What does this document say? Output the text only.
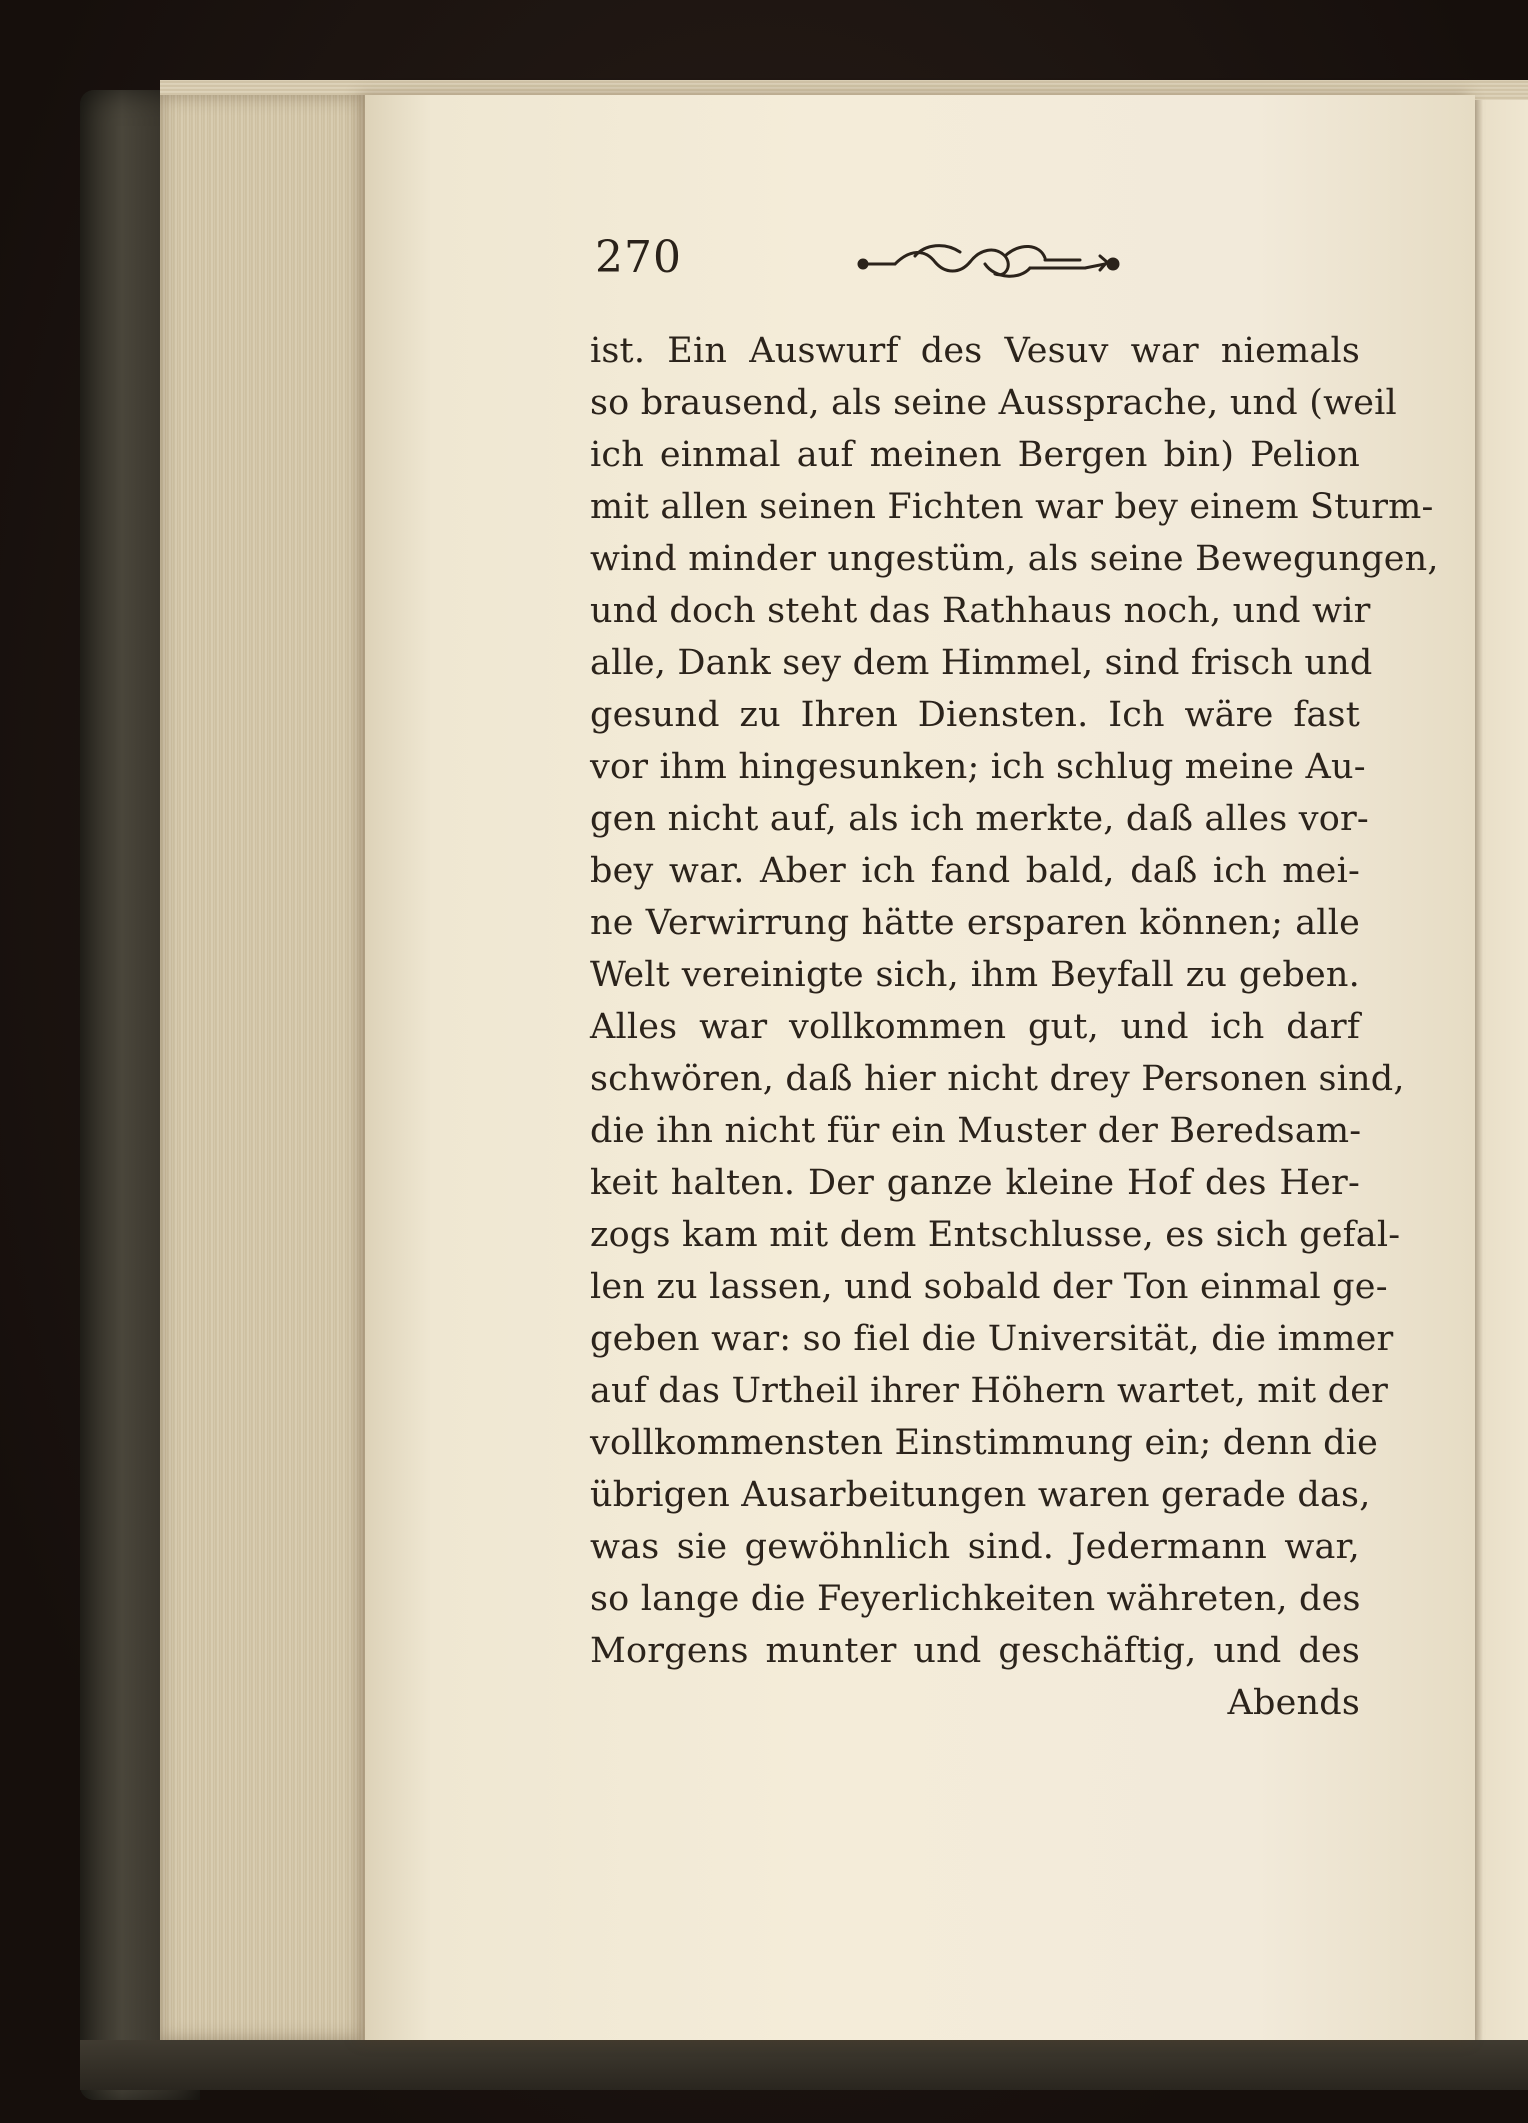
270
ist. Ein Auswurf des Vesuv war niemals
so brausend, als seine Aussprache, und (weil
ich einmal auf meinen Bergen bin) Pelion
mit allen seinen Fichten war bey einem Sturm-
wind minder ungestüm, als seine Bewegungen,
und doch steht das Rathhaus noch, und wir
alle, Dank sey dem Himmel, sind frisch und
gesund zu Ihren Diensten. Ich wäre fast
vor ihm hingesunken; ich schlug meine Au-
gen nicht auf, als ich merkte, daß alles vor-
bey war. Aber ich fand bald, daß ich mei-
ne Verwirrung hätte ersparen können; alle
Welt vereinigte sich, ihm Beyfall zu geben.
Alles war vollkommen gut, und ich darf
schwören, daß hier nicht drey Personen sind,
die ihn nicht für ein Muster der Beredsam-
keit halten. Der ganze kleine Hof des Her-
zogs kam mit dem Entschlusse, es sich gefal-
len zu lassen, und sobald der Ton einmal ge-
geben war: so fiel die Universität, die immer
auf das Urtheil ihrer Höhern wartet, mit der
vollkommensten Einstimmung ein; denn die
übrigen Ausarbeitungen waren gerade das,
was sie gewöhnlich sind. Jedermann war,
so lange die Feyerlichkeiten währeten, des
Morgens munter und geschäftig, und des
Abends
